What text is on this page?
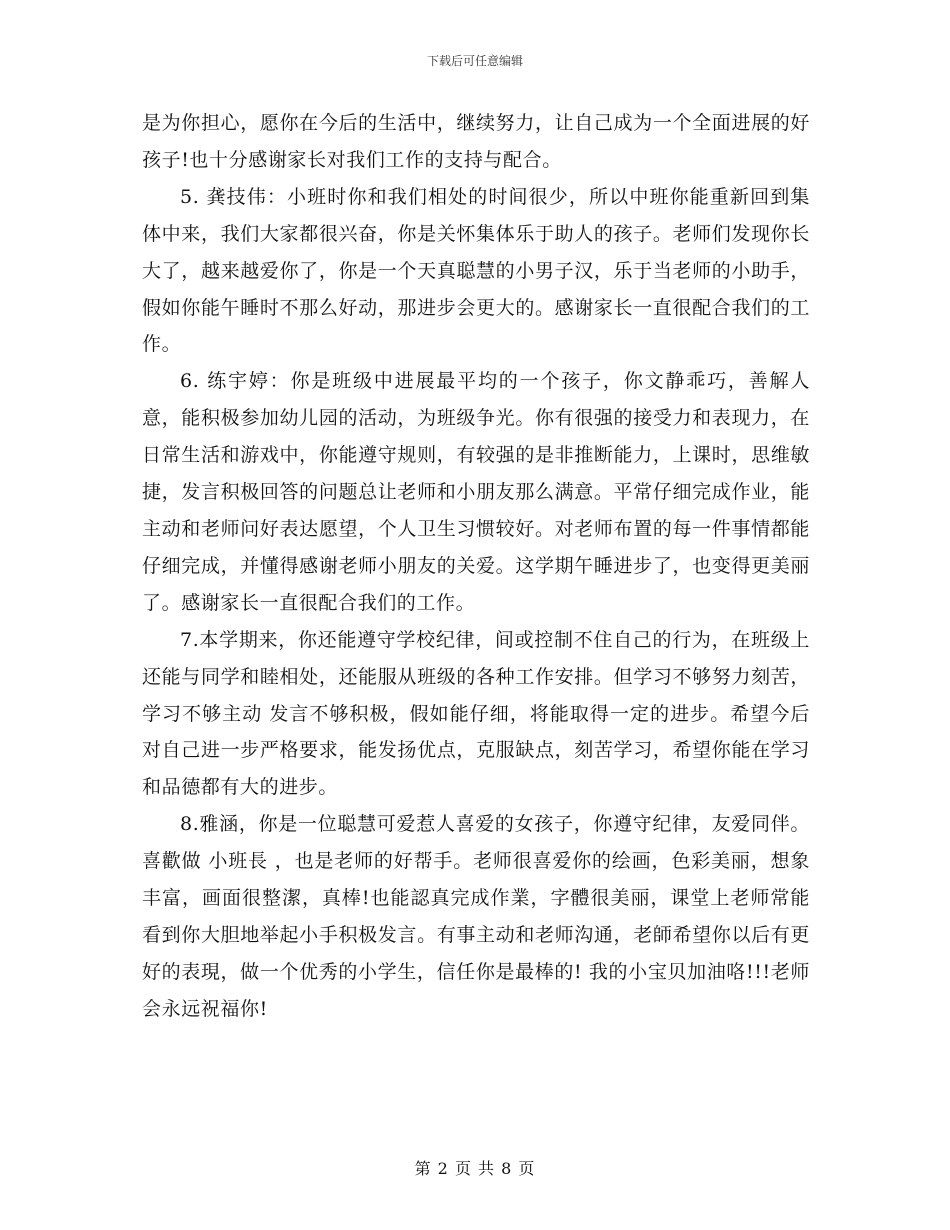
下载后可任意编辑

是为你担心，愿你在今后的生活中，继续努力，让自己成为一个全面进展的好孩子!也十分感谢家长对我们工作的支持与配合。

5. 龚技伟：小班时你和我们相处的时间很少，所以中班你能重新回到集体中来，我们大家都很兴奋，你是关怀集体乐于助人的孩子。老师们发现你长大了，越来越爱你了，你是一个天真聪慧的小男子汉，乐于当老师的小助手，假如你能午睡时不那么好动，那进步会更大的。感谢家长一直很配合我们的工作。

6. 练宇婷：你是班级中进展最平均的一个孩子，你文静乖巧，善解人意，能积极参加幼儿园的活动，为班级争光。你有很强的接受力和表现力，在日常生活和游戏中，你能遵守规则，有较强的是非推断能力，上课时，思维敏捷，发言积极回答的问题总让老师和小朋友那么满意。平常仔细完成作业，能主动和老师问好表达愿望，个人卫生习惯较好。对老师布置的每一件事情都能仔细完成，并懂得感谢老师小朋友的关爱。这学期午睡进步了，也变得更美丽了。感谢家长一直很配合我们的工作。

7.本学期来，你还能遵守学校纪律，间或控制不住自己的行为，在班级上还能与同学和睦相处，还能服从班级的各种工作安排。但学习不够努力刻苦，学习不够主动 发言不够积极，假如能仔细，将能取得一定的进步。希望今后对自己进一步严格要求，能发扬优点，克服缺点，刻苦学习，希望你能在学习和品德都有大的进步。

8.雅涵，你是一位聪慧可爱惹人喜爱的女孩子，你遵守纪律，友爱同伴。喜歡做 小班長 ，也是老师的好帮手。老师很喜爱你的绘画，色彩美丽，想象丰富，画面很整潔，真棒!也能認真完成作業，字體很美丽，课堂上老师常能看到你大胆地举起小手积极发言。有事主动和老师沟通，老師希望你以后有更好的表現，做一个优秀的小学生，信任你是最棒的! 我的小宝贝加油咯!!!老师会永远祝福你!

第 2 页 共 8 页
